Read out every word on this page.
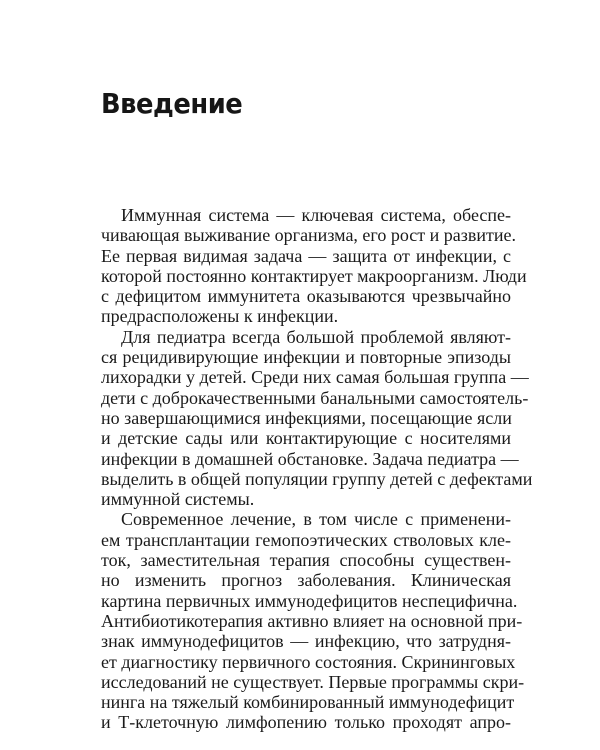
Введение
Иммунная система — ключевая система, обеспе-
чивающая выживание организма, его рост и развитие.
Ее первая видимая задача — защита от инфекции, с
которой постоянно контактирует макроорганизм. Люди
с дефицитом иммунитета оказываются чрезвычайно
предрасположены к инфекции.
Для педиатра всегда большой проблемой являют-
ся рецидивирующие инфекции и повторные эпизоды
лихорадки у детей. Среди них самая большая группа —
дети с доброкачественными банальными самостоятель-
но завершающимися инфекциями, посещающие ясли
и детские сады или контактирующие с носителями
инфекции в домашней обстановке. Задача педиатра —
выделить в общей популяции группу детей с дефектами
иммунной системы.
Современное лечение, в том числе с применени-
ем трансплантации гемопоэтических стволовых кле-
ток, заместительная терапия способны существен-
но изменить прогноз заболевания. Клиническая
картина первичных иммунодефицитов неспецифична.
Антибиотикотерапия активно влияет на основной при-
знак иммунодефицитов — инфекцию, что затрудня-
ет диагностику первичного состояния. Скрининговых
исследований не существует. Первые программы скри-
нинга на тяжелый комбинированный иммунодефицит
и Т-клеточную лимфопению только проходят апро-
